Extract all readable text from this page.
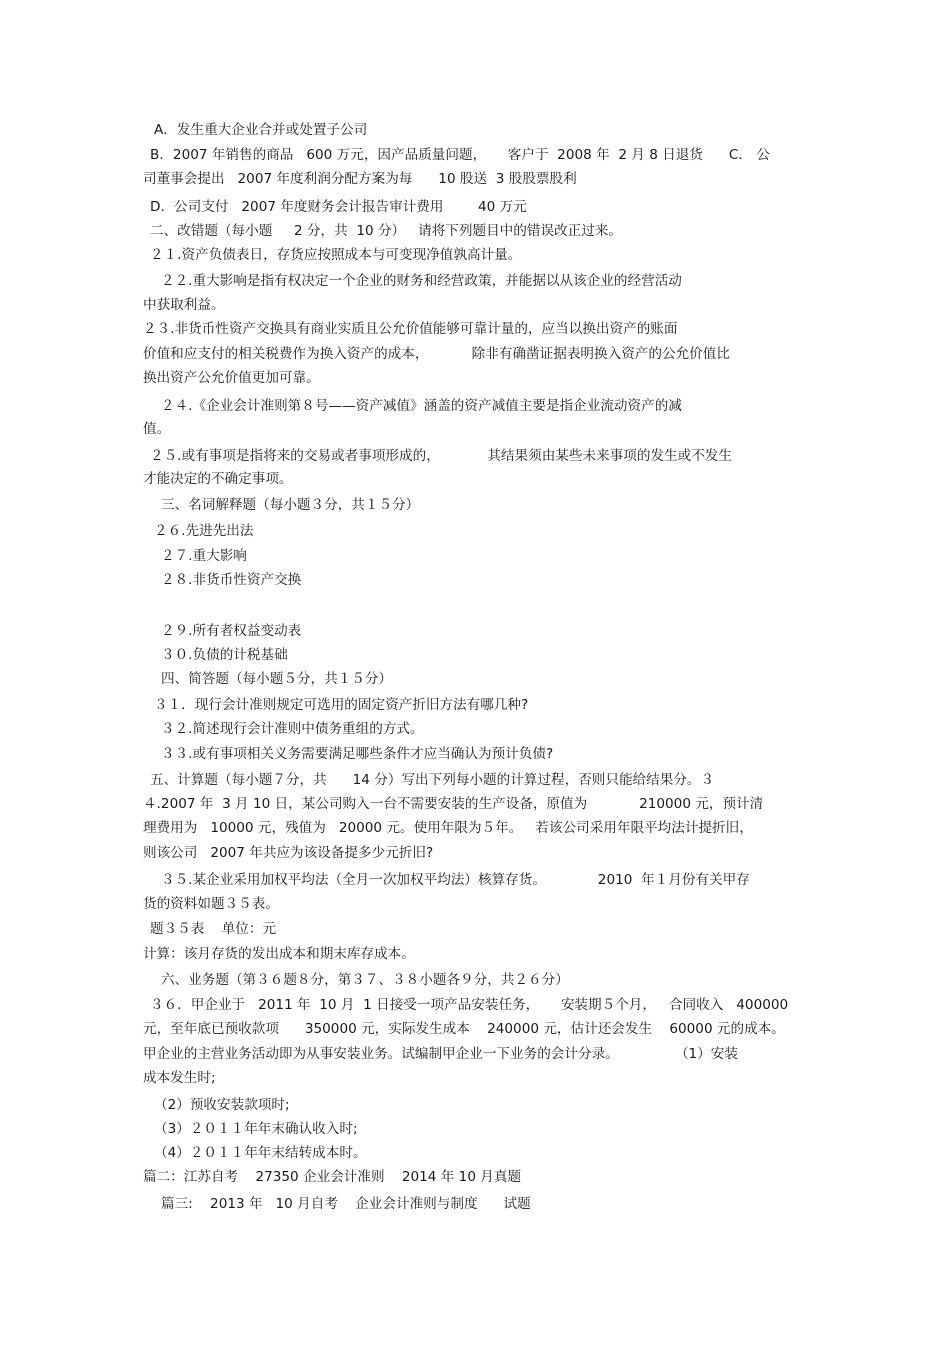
A．发生重大企业合并或处置子公司
B．2007 年销售的商品   600 万元，因产品质量问题，     客户于  2008 年  2 月 8 日退货      C． 公
司董事会提出   2007 年度利润分配方案为每      10 股送  3 股股票股利
D．公司支付   2007 年度财务会计报告审计费用        40 万元
二、改错题（每小题     2 分，共  10 分）   请将下列题目中的错误改正过来。
２１.资产负债表日，存货应按照成本与可变现净值孰高计量。
２２.重大影响是指有权决定一个企业的财务和经营政策，并能据以从该企业的经营活动
中获取利益。
２３.非货币性资产交换具有商业实质且公允价值能够可靠计量的，应当以换出资产的账面
价值和应支付的相关税费作为换入资产的成本，          除非有确凿证据表明换入资产的公允价值比
换出资产公允价值更加可靠。
２４.《企业会计准则第８号——资产减值》涵盖的资产减值主要是指企业流动资产的减
值。
２５.或有事项是指将来的交易或者事项形成的，           其结果须由某些未来事项的发生或不发生
才能决定的不确定事项。
三、名词解释题（每小题３分，共１５分）
２６.先进先出法
２７.重大影响
２８.非货币性资产交换
２９.所有者权益变动表
３０.负债的计税基础
四、简答题（每小题５分，共１５分）
３１．现行会计准则规定可选用的固定资产折旧方法有哪几种?
３２.简述现行会计准则中债务重组的方式。
３３.或有事项相关义务需要满足哪些条件才应当确认为预计负债?
五、计算题（每小题７分，共      14 分）写出下列每小题的计算过程，否则只能给结果分。３
４.2007 年  3 月 10 日，某公司购入一台不需要安装的生产设备，原值为            210000 元，预计清
理费用为   10000 元，残值为   20000 元。使用年限为５年。   若该公司采用年限平均法计提折旧，
则该公司   2007 年共应为该设备提多少元折旧?
３５.某企业采用加权平均法（全月一次加权平均法）核算存货。            2010  年１月份有关甲存
货的资料如题３５表。
题３５表    单位：元
计算：该月存货的发出成本和期末库存成本。
六、业务题（第３６题８分，第３７、３８小题各９分，共２６分）
３６．甲企业于   2011 年  10 月  1 日接受一项产品安装任务，     安装期５个月，   合同收入   400000
元，至年底已预收款项      350000 元，实际发生成本    240000 元，估计还会发生    60000 元的成本。
甲企业的主营业务活动即为从事安装业务。试编制甲企业一下业务的会计分录。             （1）安装
成本发生时;
（2）预收安装款项时;
（3）２０１１年年末确认收入时;
（4）２０１１年年末结转成本时。
篇二：江苏自考    27350 企业会计准则    2014 年 10 月真题
篇三:    2013 年   10 月自考    企业会计准则与制度      试题
